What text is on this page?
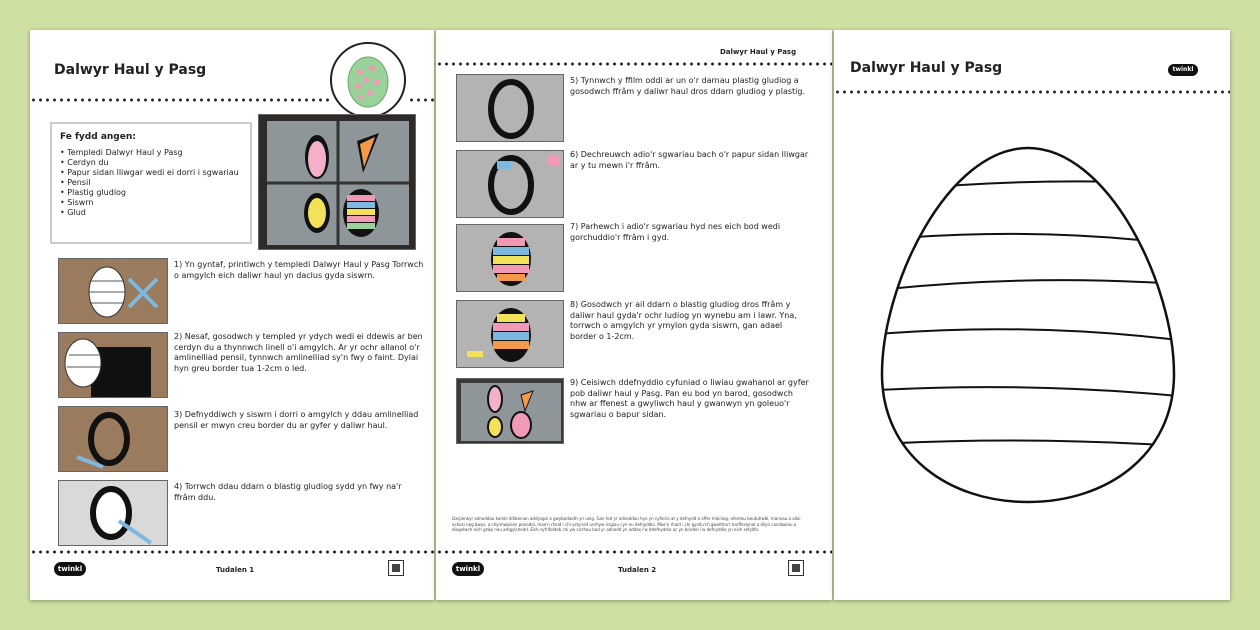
Dalwyr Haul y Pasg
Fe fydd angen:
• Templedi Dalwyr Haul y Pasg
• Cerdyn du
• Papur sidan lliwgar wedi ei dorri i sgwariau
• Pensil
• Plastig gludiog
• Siswrn
• Glud
1) Yn gyntaf, printiwch y templedi Dalwyr Haul y Pasg Torrwch o amgylch eich daliwr haul yn daclus gyda siswrn.
2) Nesaf, gosodwch y templed yr ydych wedi ei ddewis ar ben cerdyn du a thynnwch linell o'i amgylch. Ar yr ochr allanol o'r amlinelliad pensil, tynnwch amlinelliad sy'n fwy o faint. Dylai hyn greu border tua 1-2cm o led.
3) Defnyddiwch y siswrn i dorri o amgylch y ddau amlinelliad pensil er mwyn creu border du ar gyfer y daliwr haul.
4) Torrwch ddau ddarn o blastig gludiog sydd yn fwy na'r ffrâm ddu.
twinkl	Tudalen 1
Dalwyr Haul y Pasg
5) Tynnwch y ffilm oddi ar un o'r darnau plastig gludiog a gosodwch ffrâm y daliwr haul dros ddarn gludiog y plastig.
6) Dechreuwch adio'r sgwariau bach o'r papur sidan lliwgar ar y tu mewn i'r ffrâm.
7) Parhewch i adio'r sgwariau hyd nes eich bod wedi gorchuddio'r ffrâm i gyd.
8) Gosodwch yr ail ddarn o blastig gludiog dros ffrâm y daliwr haul gyda'r ochr ludiog yn wynebu am i lawr. Yna, torrwch o amgylch yr ymylon gyda siswrn, gan adael border o 1-2cm.
9) Ceisiwch ddefnyddio cyfuniad o liwiau gwahanol ar gyfer pob daliwr haul y Pasg. Pan eu bod yn barod, gosodwch nhw ar ffenest a gwyliwch haul y gwanwyn yn goleuo'r sgwariau o bapur sidan.
Darperwyr adnoddau twinkl ddibenion addysgol a gwybodaeth yn unig. Gan fod yr adnoddau hyn yn cyfeirio at y defnydd o offer meiniog, efentau beutuhwbl, mannau a allai achosi neg bwys, a chynhwysion penodol, mae'n rhaid i chi ystyried unrhyw risgiau cyn eu defnyddio. Mae'n rhaid i chi gynllu'ch gweithio'r broffesiynol a dilyn canllawiau a diogelwch eich grŵp neu amgylchedd. Eich cyfrifoldeb chi yw sicrhau bod yr adnodd yn addas i'w ddefnyddio ac yn briodol i'w defnyddio yn eich sefyllfa.
twinkl	Tudalen 2
Dalwyr Haul y Pasg	twinkl
